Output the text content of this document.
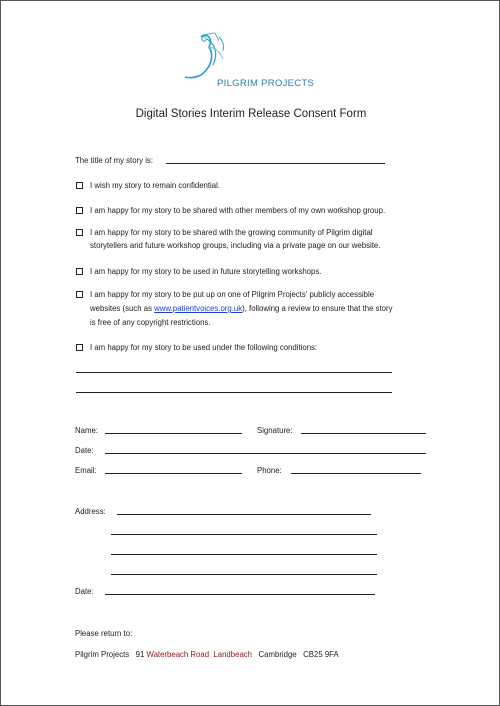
PILGRIM PROJECTS
Digital Stories Interim Release Consent Form
The title of my story is:
I wish my story to remain confidential.
I am happy for my story to be shared with other members of my own workshop group.
I am happy for my story to be shared with the growing community of Pilgrim digital
storytellers and future workshop groups, including via a private page on our website.
I am happy for my story to be used in future storytelling workshops.
I am happy for my story to be put up on one of Pilgrim Projects' publicly accessible
websites (such as www.patientvoices.org.uk), following a review to ensure that the story
is free of any copyright restrictions.
I am happy for my story to be used under the following conditions:
Name:	Signature:
Date:
Email:	Phone:
Address:
Date:
Please return to:
Pilgrim Projects 91 Waterbeach Road Landbeach Cambridge CB25 9FA
